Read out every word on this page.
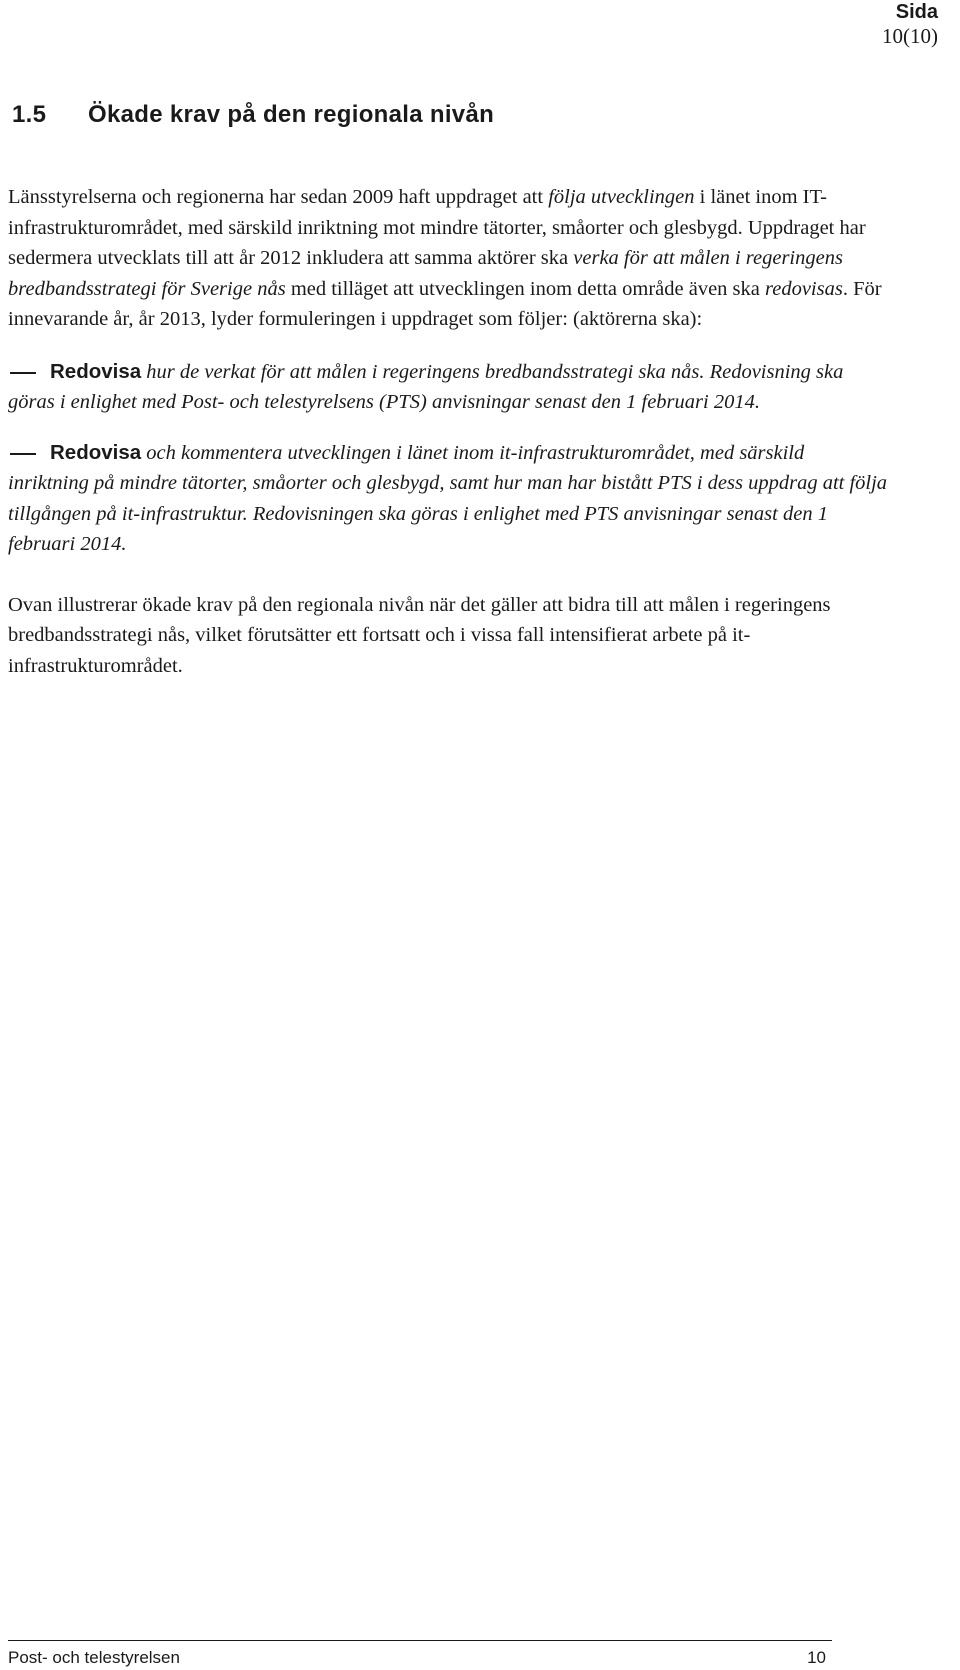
Sida
10(10)
1.5 Ökade krav på den regionala nivån

Länsstyrelserna och regionerna har sedan 2009 haft uppdraget att följa utvecklingen i länet inom IT-infrastrukturområdet, med särskild inriktning mot mindre tätorter, småorter och glesbygd. Uppdraget har sedermera utvecklats till att år 2012 inkludera att samma aktörer ska verka för att målen i regeringens bredbandsstrategi för Sverige nås med tilläget att utvecklingen inom detta område även ska redovisas. För innevarande år, år 2013, lyder formuleringen i uppdraget som följer: (aktörerna ska):

Redovisa hur de verkat för att målen i regeringens bredbandsstrategi ska nås. Redovisning ska göras i enlighet med Post- och telestyrelsens (PTS) anvisningar senast den 1 februari 2014.

Redovisa och kommentera utvecklingen i länet inom it-infrastrukturområdet, med särskild inriktning på mindre tätorter, småorter och glesbygd, samt hur man har bistått PTS i dess uppdrag att följa tillgången på it-infrastruktur. Redovisningen ska göras i enlighet med PTS anvisningar senast den 1 februari 2014.

Ovan illustrerar ökade krav på den regionala nivån när det gäller att bidra till att målen i regeringens bredbandsstrategi nås, vilket förutsätter ett fortsatt och i vissa fall intensifierat arbete på it-infrastrukturområdet.

Post- och telestyrelsen	10
